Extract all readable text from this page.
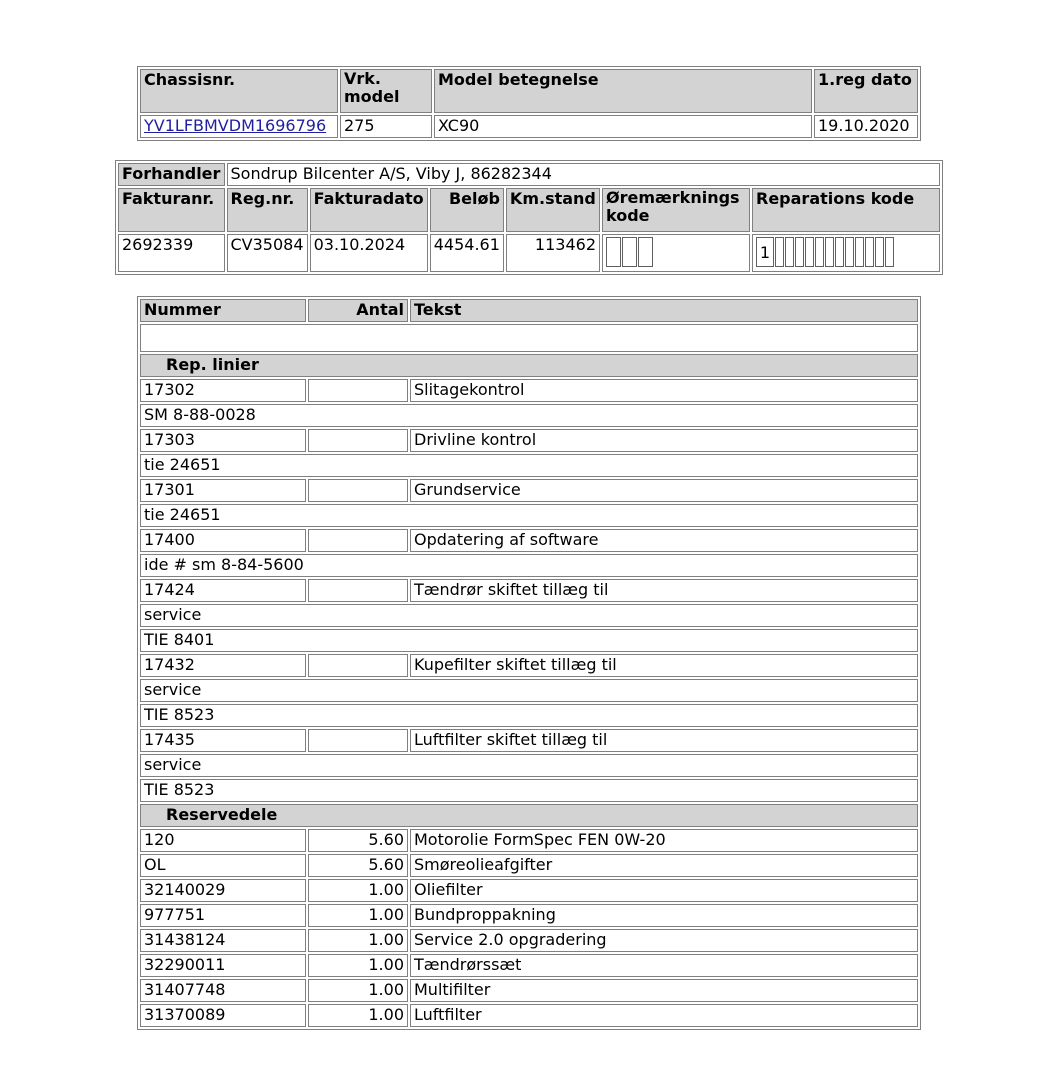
Chassisnr.	Vrk. model	Model betegnelse	1.reg dato
YV1LFBMVDM1696796	275	XC90	19.10.2020
Forhandler	Sondrup Bilcenter A/S, Viby J, 86282344					
Fakturanr.	Reg.nr.	Fakturadato	Beløb	Km.stand	Øremærknings kode	Reparations kode
2692339	CV35084	03.10.2024	4454.61	113462		1
Nummer	Antal	Tekst

Rep. linier		
17302		Slitagekontrol
SM 8-88-0028		
17303		Drivline kontrol
tie 24651		
17301		Grundservice
tie 24651		
17400		Opdatering af software
ide # sm 8-84-5600		
17424		Tændrør skiftet tillæg til
service		
TIE 8401		
17432		Kupefilter skiftet tillæg til
service		
TIE 8523		
17435		Luftfilter skiftet tillæg til
service		
TIE 8523		
Reservedele		
120	5.60	Motorolie FormSpec FEN 0W-20
OL	5.60	Smøreolieafgifter
32140029	1.00	Oliefilter
977751	1.00	Bundproppakning
31438124	1.00	Service 2.0 opgradering
32290011	1.00	Tændrørssæt
31407748	1.00	Multifilter
31370089	1.00	Luftfilter
